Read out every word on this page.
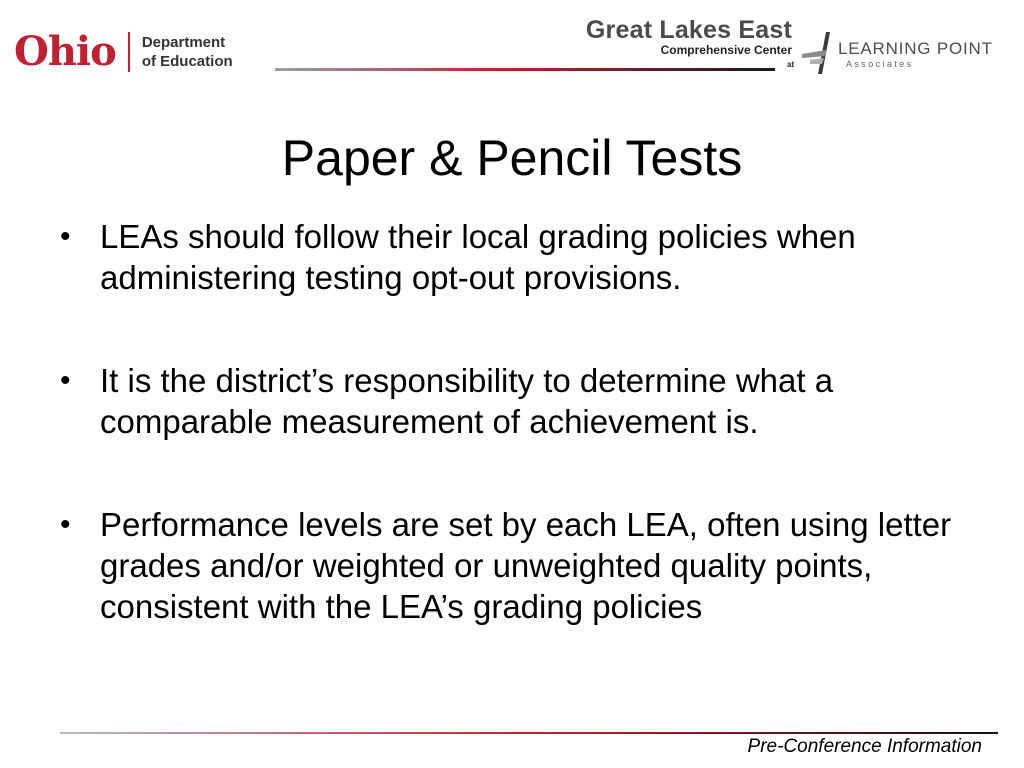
Ohio Department
of Education
Great Lakes East
Comprehensive Center
at
LEARNING POINT
Associates
Paper & Pencil Tests
• LEAs should follow their local grading policies when administering testing opt-out provisions.
• It is the district’s responsibility to determine what a comparable measurement of achievement is.
• Performance levels are set by each LEA, often using letter grades and/or weighted or unweighted quality points, consistent with the LEA’s grading policies
Pre-Conference Information
